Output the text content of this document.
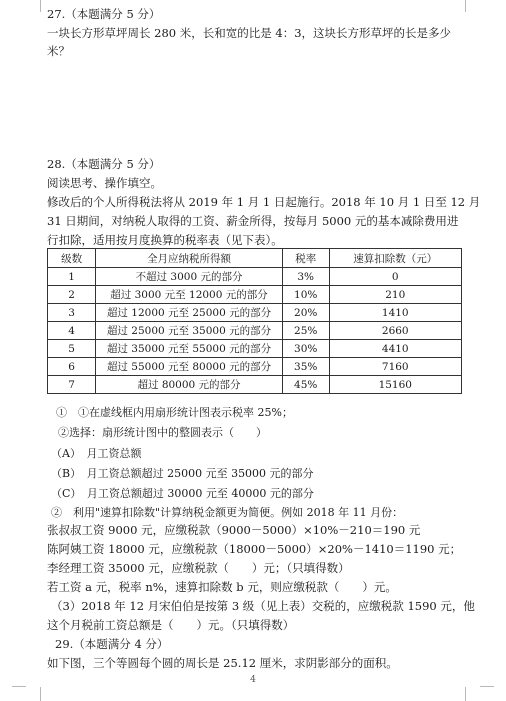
27.（本题满分 5 分）
一块长方形草坪周长 280 米，长和宽的比是 4：3，这块长方形草坪的长是多少
米？
28.（本题满分 5 分）
阅读思考、操作填空。
修改后的个人所得税法将从 2019 年 1 月 1 日起施行。2018 年 10 月 1 日至 12 月
31 日期间，对纳税人取得的工资、薪金所得，按每月 5000 元的基本减除费用进
行扣除，适用按月度换算的税率表（见下表）。
级数	全月应纳税所得额	税率	速算扣除数（元）
1	不超过 3000 元的部分	3%	0
2	超过 3000 元至 12000 元的部分	10%	210
3	超过 12000 元至 25000 元的部分	20%	1410
4	超过 25000 元至 35000 元的部分	25%	2660
5	超过 35000 元至 55000 元的部分	30%	4410
6	超过 55000 元至 80000 元的部分	35%	7160
7	超过 80000 元的部分	45%	15160
①　①在虚线框内用扇形统计图表示税率 25%；
②选择：扇形统计图中的整圆表示（　　）
（A）　月工资总额
（B）　月工资总额超过 25000 元至 35000 元的部分
（C）　月工资总额超过 30000 元至 40000 元的部分
②　利用"速算扣除数"计算纳税金额更为简便。例如 2018 年 11 月份：
张叔叔工资 9000 元，应缴税款（9000－5000）×10%－210＝190 元
陈阿姨工资 18000 元，应缴税款（18000－5000）×20%－1410＝1190 元；
李经理工资 35000 元，应缴税款（　　）元；（只填得数）
若工资 a 元，税率 n%，速算扣除数 b 元，则应缴税款（　　）元。
（3）2018 年 12 月宋伯伯是按第 3 级（见上表）交税的，应缴税款 1590 元，他
这个月税前工资总额是（　　）元。（只填得数）
29.（本题满分 4 分）
如下图，三个等圆每个圆的周长是 25.12 厘米，求阴影部分的面积。
4
